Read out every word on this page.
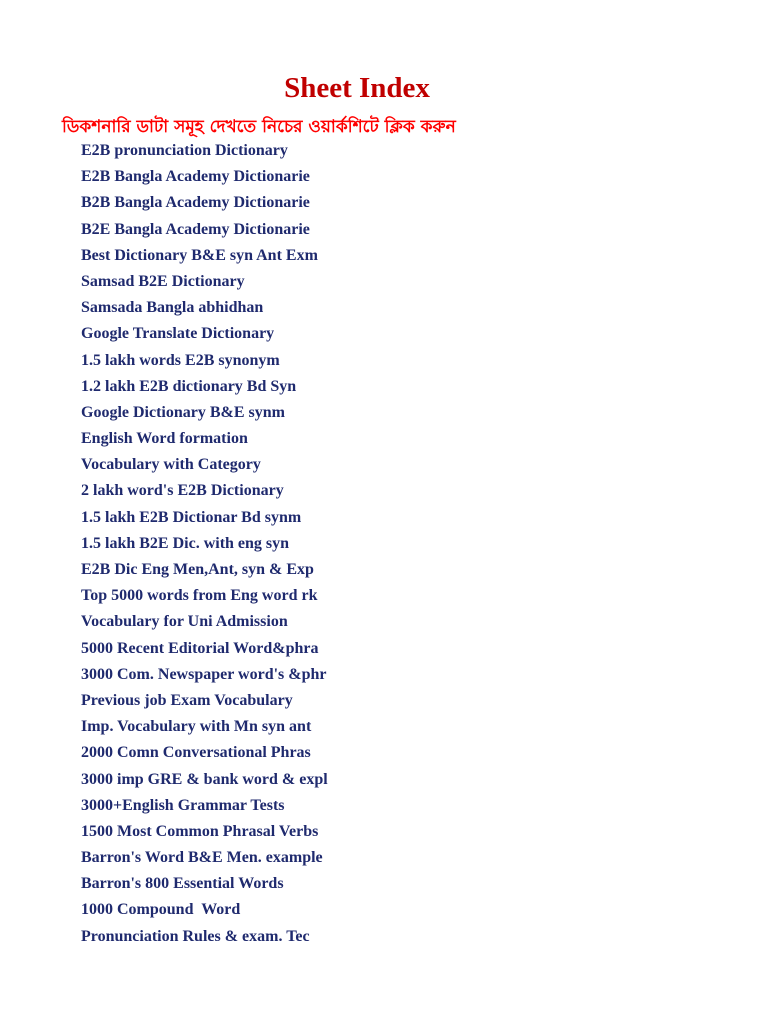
Sheet Index
ডিকশনারি ডাটা সমূহ দেখতে নিচের ওয়ার্কশিটে ক্লিক করুন
E2B pronunciation Dictionary
E2B Bangla Academy Dictionarie
B2B Bangla Academy Dictionarie
B2E Bangla Academy Dictionarie
Best Dictionary B&E syn Ant Exm
Samsad B2E Dictionary
Samsada Bangla abhidhan
Google Translate Dictionary
1.5 lakh words E2B synonym
1.2 lakh E2B dictionary Bd Syn
Google Dictionary B&E synm
English Word formation
Vocabulary with Category
2 lakh word's E2B Dictionary
1.5 lakh E2B Dictionar Bd synm
1.5 lakh B2E Dic. with eng syn
E2B Dic Eng Men,Ant, syn & Exp
Top 5000 words from Eng word rk
Vocabulary for Uni Admission
5000 Recent Editorial Word&phra
3000 Com. Newspaper word's &phr
Previous job Exam Vocabulary
Imp. Vocabulary with Mn syn ant
2000 Comn Conversational Phras
3000 imp GRE & bank word & expl
3000+English Grammar Tests
1500 Most Common Phrasal Verbs
Barron's Word B&E Men. example
Barron's 800 Essential Words
1000 Compound  Word
Pronunciation Rules & exam. Tec
